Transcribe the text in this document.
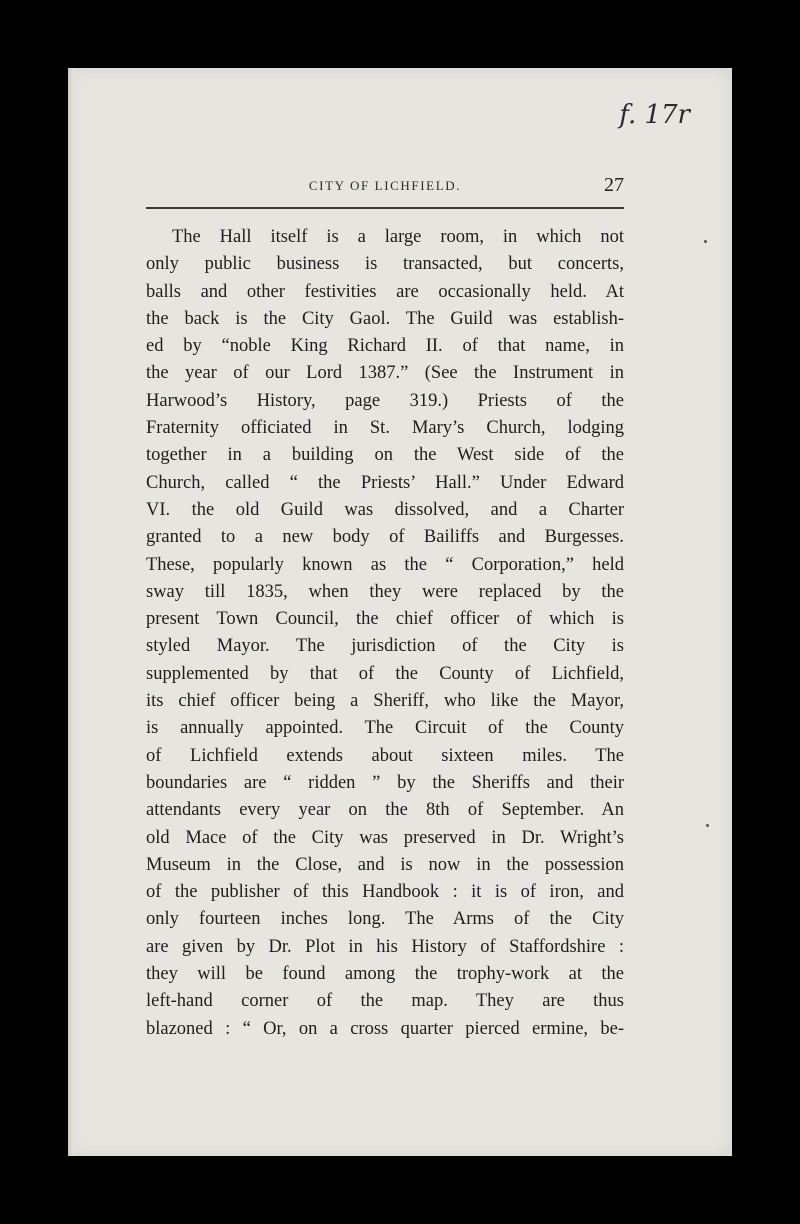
f. 17r
CITY OF LICHFIELD.	27
The Hall itself is a large room, in which not
only public business is transacted, but concerts,
balls and other festivities are occasionally held. At
the back is the City Gaol. The Guild was establish-
ed by “noble King Richard II. of that name, in
the year of our Lord 1387.” (See the Instrument in
Harwood’s History, page 319.) Priests of the
Fraternity officiated in St. Mary’s Church, lodging
together in a building on the West side of the
Church, called “ the Priests’ Hall.” Under Edward
VI. the old Guild was dissolved, and a Charter
granted to a new body of Bailiffs and Burgesses.
These, popularly known as the “ Corporation,” held
sway till 1835, when they were replaced by the
present Town Council, the chief officer of which is
styled Mayor. The jurisdiction of the City is
supplemented by that of the County of Lichfield,
its chief officer being a Sheriff, who like the Mayor,
is annually appointed. The Circuit of the County
of Lichfield extends about sixteen miles. The
boundaries are “ ridden ” by the Sheriffs and their
attendants every year on the 8th of September. An
old Mace of the City was preserved in Dr. Wright’s
Museum in the Close, and is now in the possession
of the publisher of this Handbook : it is of iron, and
only fourteen inches long. The Arms of the City
are given by Dr. Plot in his History of Staffordshire :
they will be found among the trophy-work at the
left-hand corner of the map. They are thus
blazoned : “ Or, on a cross quarter pierced ermine, be-
